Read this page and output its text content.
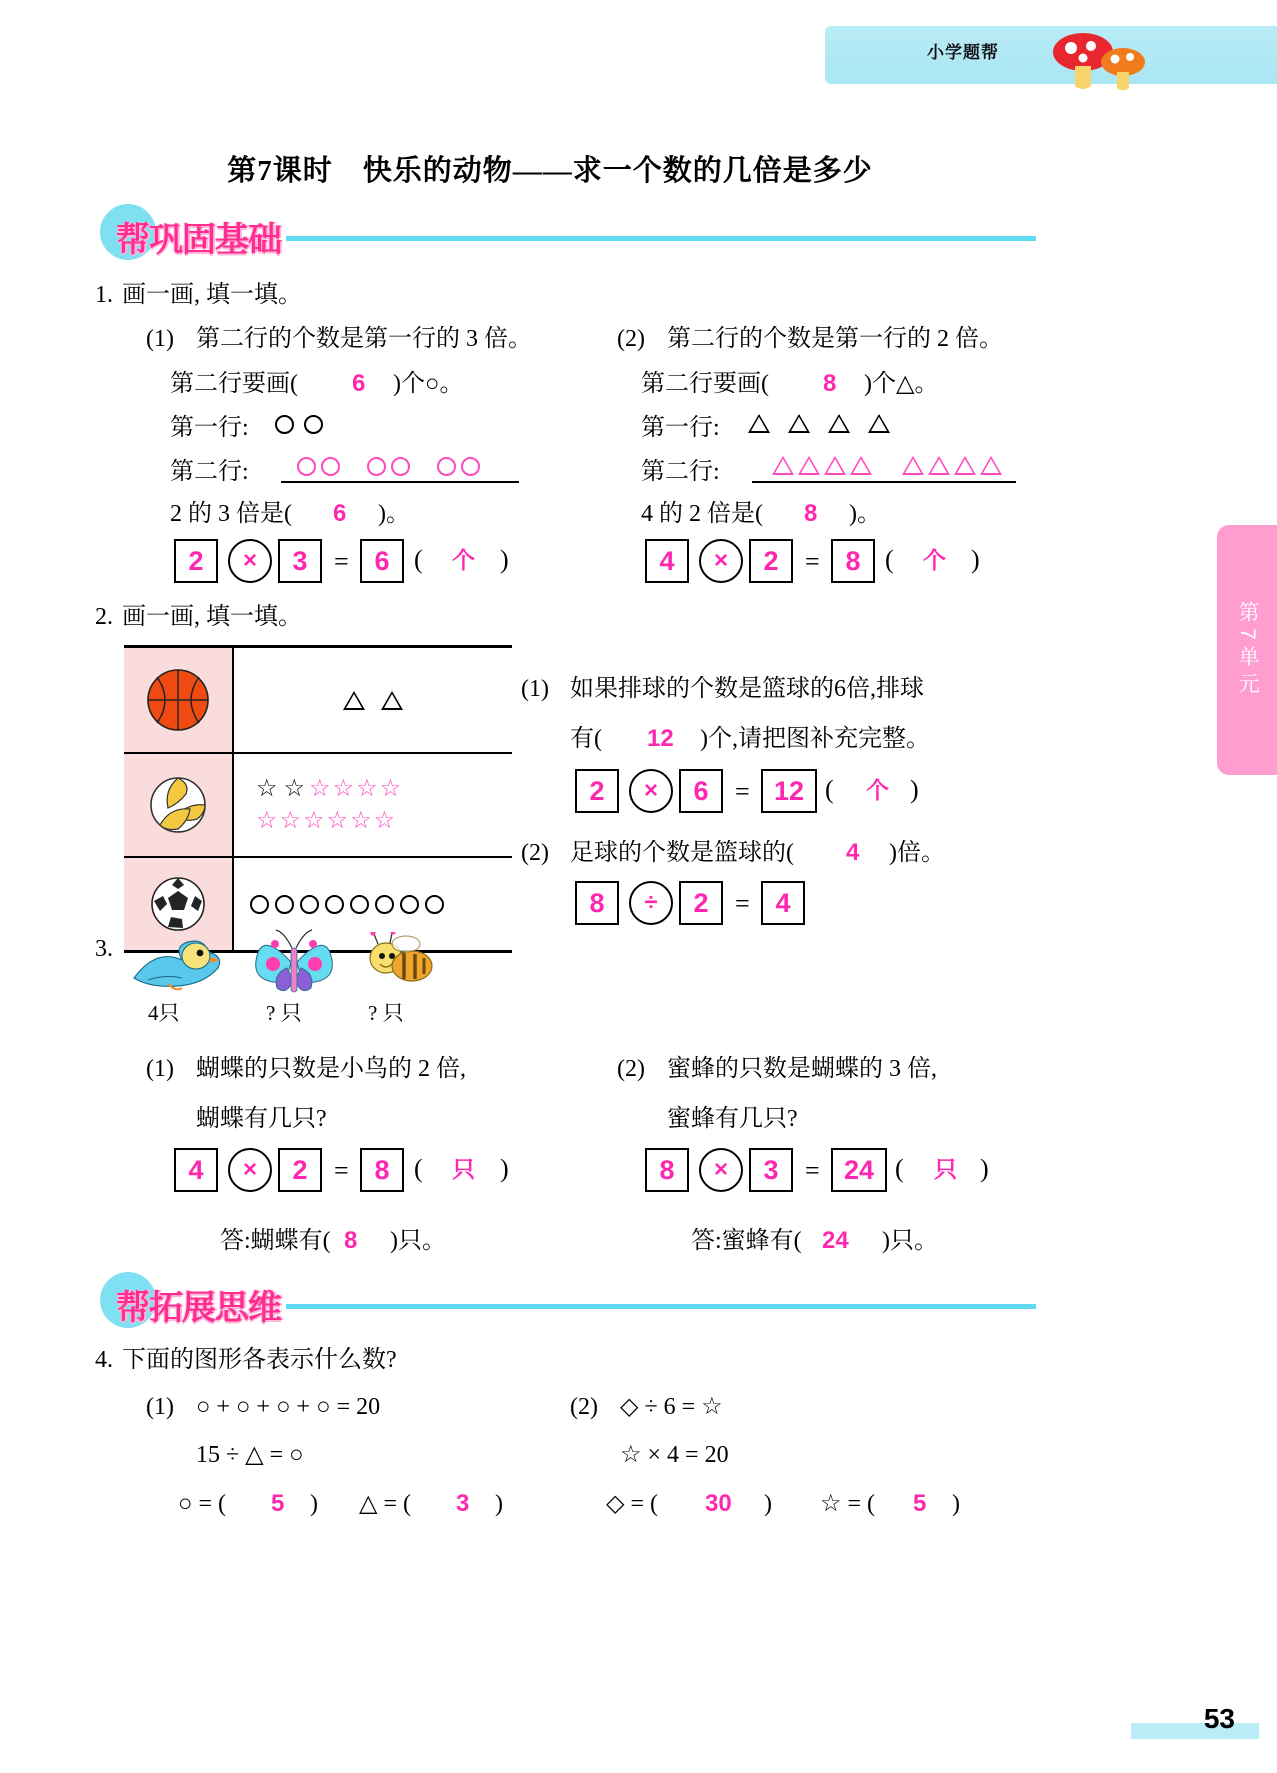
小学题帮
第7课时　快乐的动物——求一个数的几倍是多少
帮巩固基础
1. 画一画, 填一填。
(1) 第二行的个数是第一行的 3 倍。
第二行要画( 6 )个○。
第一行:

第二行:

2 的 3 倍是( 6 )。
2	×	3	= 6 ( 个 )
(2) 第二行的个数是第一行的 2 倍。
第二行要画( 8 )个△。
第一行:

第二行:

4 的 2 倍是( 8 )。
4	×	2	= 8 ( 个 )
2. 画一画, 填一填。
☆ ☆ ☆☆☆☆
☆☆☆☆☆☆
(1) 如果排球的个数是篮球的6倍,排球
有( 12 )个,请把图补充完整。
2	×	6	= 12 ( 个 )
(2) 足球的个数是篮球的( 4 )倍。
8	÷	2	= 4
3.
4只	? 只	? 只
(1) 蝴蝶的只数是小鸟的 2 倍,
蝴蝶有几只?
4	×	2	= 8 ( 只 )
答:蝴蝶有( 8 )只。
(2) 蜜蜂的只数是蝴蝶的 3 倍,
蜜蜂有几只?
8	×	3	= 24 ( 只 )
答:蜜蜂有( 24 )只。
帮拓展思维
4. 下面的图形各表示什么数?
(1) ○ + ○ + ○ + ○ = 20
15 ÷ △ = ○
○ = ( 5 ) △ = ( 3 )
(2) ◇ ÷ 6 = ☆
☆ × 4 = 20
◇ = ( 30 ) ☆ = ( 5 )
第7单元
53
